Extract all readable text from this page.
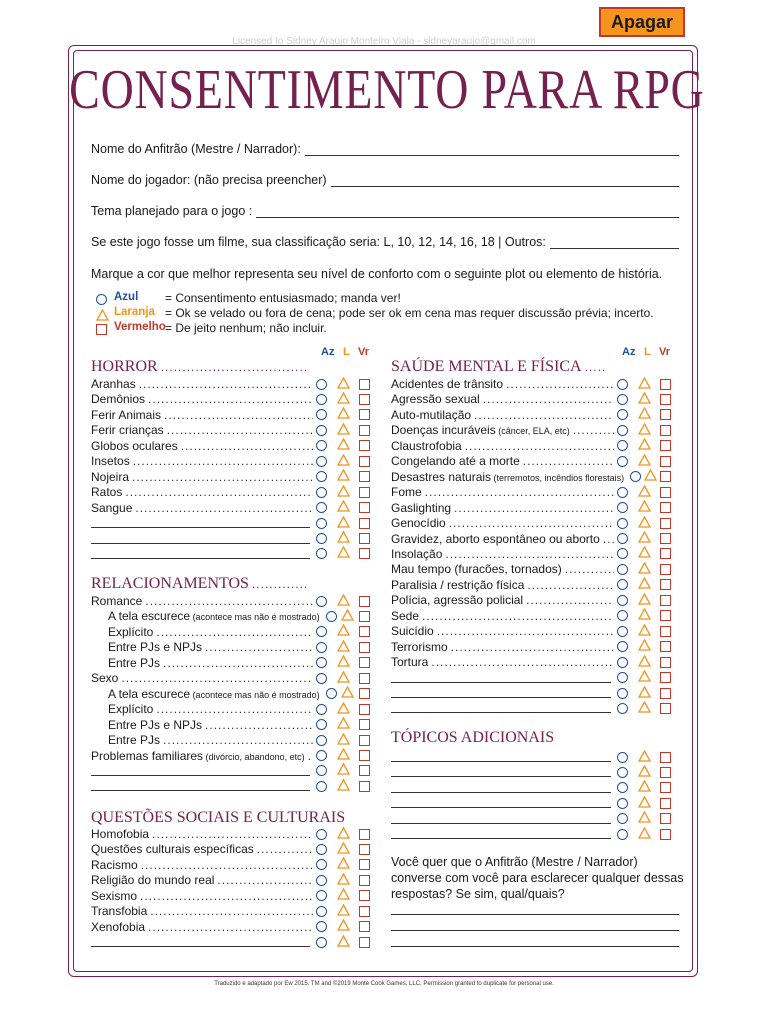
Apagar
Licensed to Sidney Araujo Monteiro Viala - sidneyaraujo@gmail.com
CONSENTIMENTO PARA RPG
Nome do Anfitrão (Mestre / Narrador):
Nome do jogador: (não precisa preencher)
Tema planejado para o jogo :
Se este jogo fosse um filme, sua classificação seria: L, 10, 12, 14, 16, 18 | Outros:
Marque a cor que melhor representa seu nível de conforto com o seguinte plot ou elemento de história.
Azul = Consentimento entusiasmado; manda ver!
Laranja = Ok se velado ou fora de cena; pode ser ok em cena mas requer discussão prévia; incerto.
Vermelho = De jeito nenhum; não incluir.
Az L Vr
HORROR
.....
Aranhas
.....
Demônios
.....
Ferir Animais
.....
Ferir crianças
.....
Globos oculares
.....
Insetos
.....
Nojeira
.....
Ratos
.....
Sangue
.....
RELACIONAMENTOS
.....
Romance
.....
A tela escurece (acontece mas não é mostrado)
Explícito
.....
Entre PJs e NPJs
.....
Entre PJs
.....
Sexo
.....
A tela escurece (acontece mas não é mostrado)
Explícito
.....
Entre PJs e NPJs
.....
Entre PJs
.....
Problemas familiares (divórcio, abandono, etc)
.....
QUESTÕES SOCIAIS E CULTURAIS
Homofobia
.....
Questões culturais específicas
.....
Racismo
.....
Religião do mundo real
.....
Sexismo
.....
Transfobia
.....
Xenofobia
.....
Az L Vr
SAÚDE MENTAL E FÍSICA
.....
Acidentes de trânsito
.....
Agressão sexual
.....
Auto-mutilação
.....
Doenças incuráveis (câncer, ELA, etc)
.....
Claustrofobia
.....
Congelando até a morte
.....
Desastres naturais (terremotos, incêndios florestais)
Fome
.....
Gaslighting
.....
Genocídio
.....
Gravidez, aborto espontâneo ou aborto
.....
Insolação
.....
Mau tempo (furacões, tornados)
.....
Paralisia / restrição física
.....
Polícia, agressão policial
.....
Sede
.....
Suicídio
.....
Terrorismo
.....
Tortura
.....
TÓPICOS ADICIONAIS
Você quer que o Anfitrão (Mestre / Narrador)
converse com você para esclarecer qualquer dessas
respostas? Se sim, qual/quais?
Traduzido e adaptado por Ew 2015. TM and ©2019 Monte Cook Games, LLC. Permission granted to duplicate for personal use.
